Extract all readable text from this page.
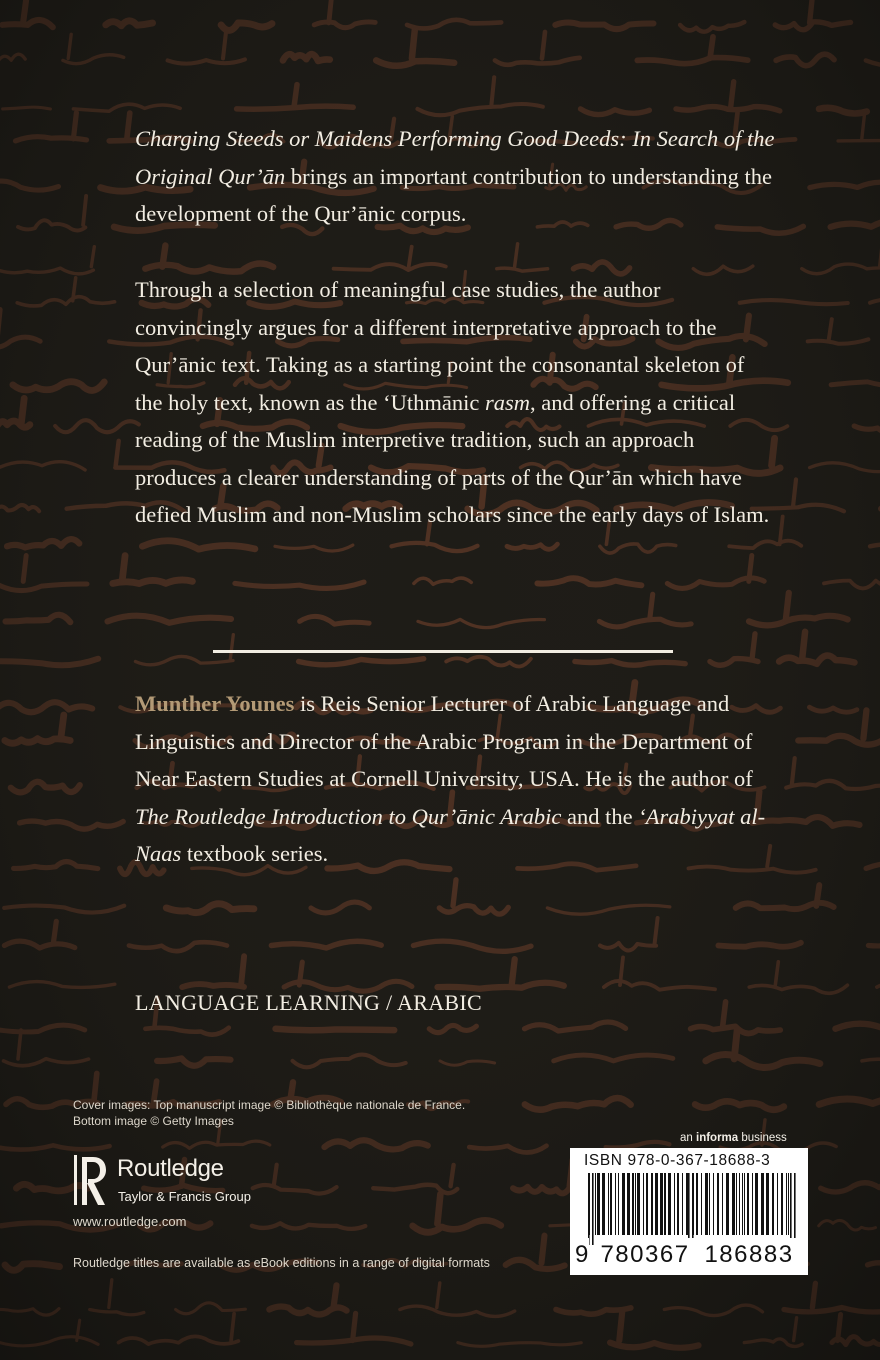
Charging Steeds or Maidens Performing Good Deeds: In Search of the Original Qur’ān brings an important contribution to understanding the development of the Qur’ānic corpus.

Through a selection of meaningful case studies, the author convincingly argues for a different interpretative approach to the Qur’ānic text. Taking as a starting point the consonantal skeleton of the holy text, known as the ‘Uthmānic rasm, and offering a critical reading of the Muslim interpretive tradition, such an approach produces a clearer understanding of parts of the Qur’ān which have defied Muslim and non-Muslim scholars since the early days of Islam.

Munther Younes is Reis Senior Lecturer of Arabic Language and Linguistics and Director of the Arabic Program in the Department of Near Eastern Studies at Cornell University, USA. He is the author of The Routledge Introduction to Qur’ānic Arabic and the ‘Arabiyyat al-Naas textbook series.

LANGUAGE LEARNING / ARABIC
Cover images: Top manuscript image © Bibliothèque nationale de France.
Bottom image © Getty Images
Routledge
Taylor & Francis Group
www.routledge.com
Routledge titles are available as eBook editions in a range of digital formats
an informa business
ISBN 978-0-367-18688-3
9 780367 186883
